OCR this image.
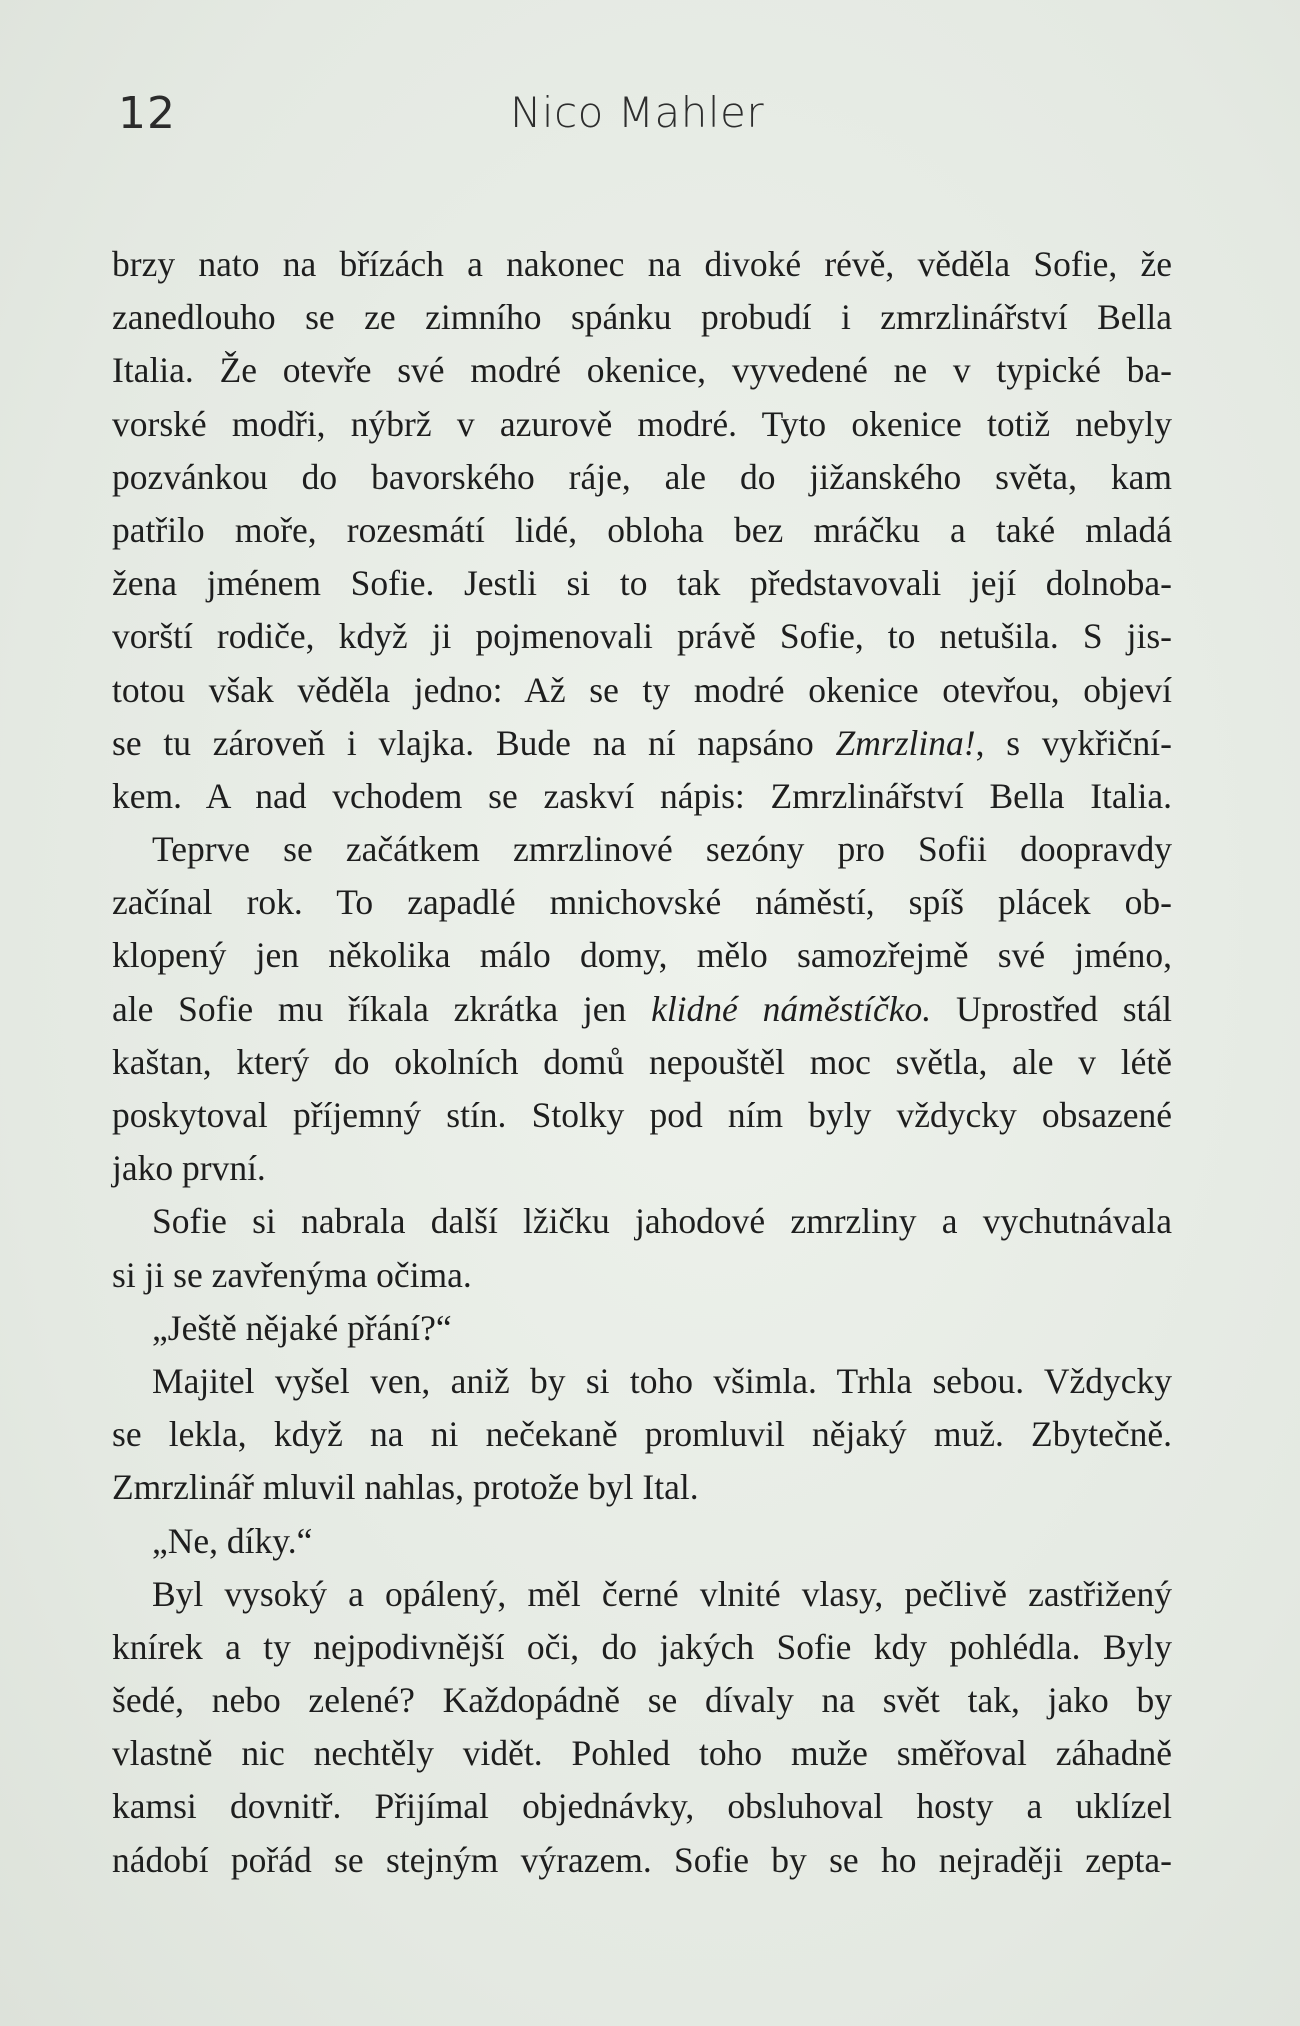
12	Nico Mahler
brzy nato na břízách a nakonec na divoké révě, věděla Sofie, že
zanedlouho se ze zimního spánku probudí i zmrzlinářství Bella
Italia. Že otevře své modré okenice, vyvedené ne v typické ba-
vorské modři, nýbrž v azurově modré. Tyto okenice totiž nebyly
pozvánkou do bavorského ráje, ale do jižanského světa, kam
patřilo moře, rozesmátí lidé, obloha bez mráčku a také mladá
žena jménem Sofie. Jestli si to tak představovali její dolnoba-
vorští rodiče, když ji pojmenovali právě Sofie, to netušila. S jis-
totou však věděla jedno: Až se ty modré okenice otevřou, objeví
se tu zároveň i vlajka. Bude na ní napsáno Zmrzlina!, s vykřiční-
kem. A nad vchodem se zaskví nápis: Zmrzlinářství Bella Italia.
Teprve se začátkem zmrzlinové sezóny pro Sofii doopravdy
začínal rok. To zapadlé mnichovské náměstí, spíš plácek ob-
klopený jen několika málo domy, mělo samozřejmě své jméno,
ale Sofie mu říkala zkrátka jen klidné náměstíčko. Uprostřed stál
kaštan, který do okolních domů nepouštěl moc světla, ale v létě
poskytoval příjemný stín. Stolky pod ním byly vždycky obsazené
jako první.
Sofie si nabrala další lžičku jahodové zmrzliny a vychutnávala
si ji se zavřenýma očima.
„Ještě nějaké přání?“
Majitel vyšel ven, aniž by si toho všimla. Trhla sebou. Vždycky
se lekla, když na ni nečekaně promluvil nějaký muž. Zbytečně.
Zmrzlinář mluvil nahlas, protože byl Ital.
„Ne, díky.“
Byl vysoký a opálený, měl černé vlnité vlasy, pečlivě zastřižený
knírek a ty nejpodivnější oči, do jakých Sofie kdy pohlédla. Byly
šedé, nebo zelené? Každopádně se dívaly na svět tak, jako by
vlastně nic nechtěly vidět. Pohled toho muže směřoval záhadně
kamsi dovnitř. Přijímal objednávky, obsluhoval hosty a uklízel
nádobí pořád se stejným výrazem. Sofie by se ho nejraději zepta-
